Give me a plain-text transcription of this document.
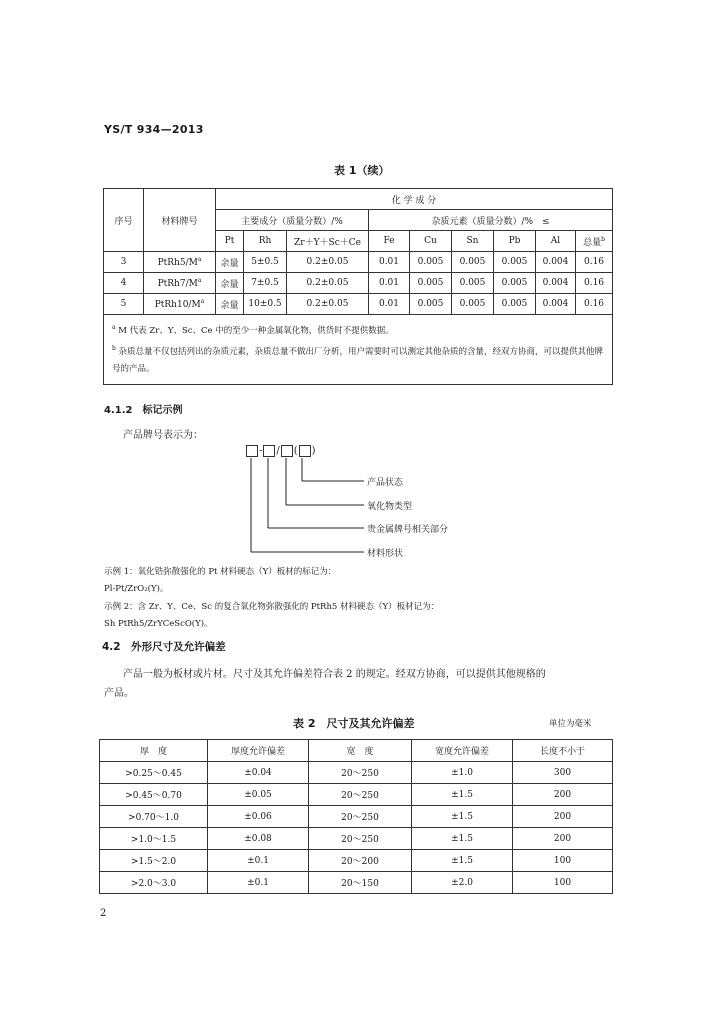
YS/T 934—2013
表 1（续）
序号	材料牌号	化 学 成 分								
		主要成分（质量分数）/%			杂质元素（质量分数）/%　≤					
		Pt	Rh	Zr＋Y＋Sc＋Ce	Fe	Cu	Sn	Pb	Al	总量$^b$
3	$PtRh5/M^a$	余量	5±0.5	0.2±0.05	0.01	0.005	0.005	0.005	0.004	0.16
4	$PtRh7/M^a$	余量	7±0.5	0.2±0.05	0.01	0.005	0.005	0.005	0.004	0.16
5	$PtRh10/M^a$	余量	10±0.5	0.2±0.05	0.01	0.005	0.005	0.005	0.004	0.16

$^a$ M 代表 Zr、Y、Sc、Ce 中的至少一种金属氧化物，供货时不提供数据。
$^b$ 杂质总量不仅包括列出的杂质元素，杂质总量不做出厂分析，用户需要时可以测定其他杂质的含量，经双方协商，可以提供其他牌号的产品。										
4.1.2　标记示例
产品牌号表示为：
- / ( )
产品状态
氧化物类型
贵金属牌号相关部分
材料形状
示例 1：氧化锆弥散强化的 Pt 材料硬态（Y）板材的标记为：
Pl-Pt/ZrO₂(Y)。
示例 2：含 Zr、Y、Ce、Sc 的复合氧化物弥散强化的 PtRh5 材料硬态（Y）板材记为：
Sh PtRh5/ZrYCeScO(Y)。
4.2　外形尺寸及允许偏差
产品一般为板材或片材。尺寸及其允许偏差符合表 2 的规定。经双方协商，可以提供其他规格的
产品。
表 2　尺寸及其允许偏差	单位为毫米
厚　度	厚度允许偏差	宽　度	宽度允许偏差	长度不小于
>0.25～0.45	±0.04	20～250	±1.0	300
>0.45～0.70	±0.05	20～250	±1.5	200
>0.70～1.0	±0.06	20～250	±1.5	200
>1.0～1.5	±0.08	20～250	±1.5	200
>1.5～2.0	±0.1	20～200	±1.5	100
>2.0～3.0	±0.1	20～150	±2.0	100
2
